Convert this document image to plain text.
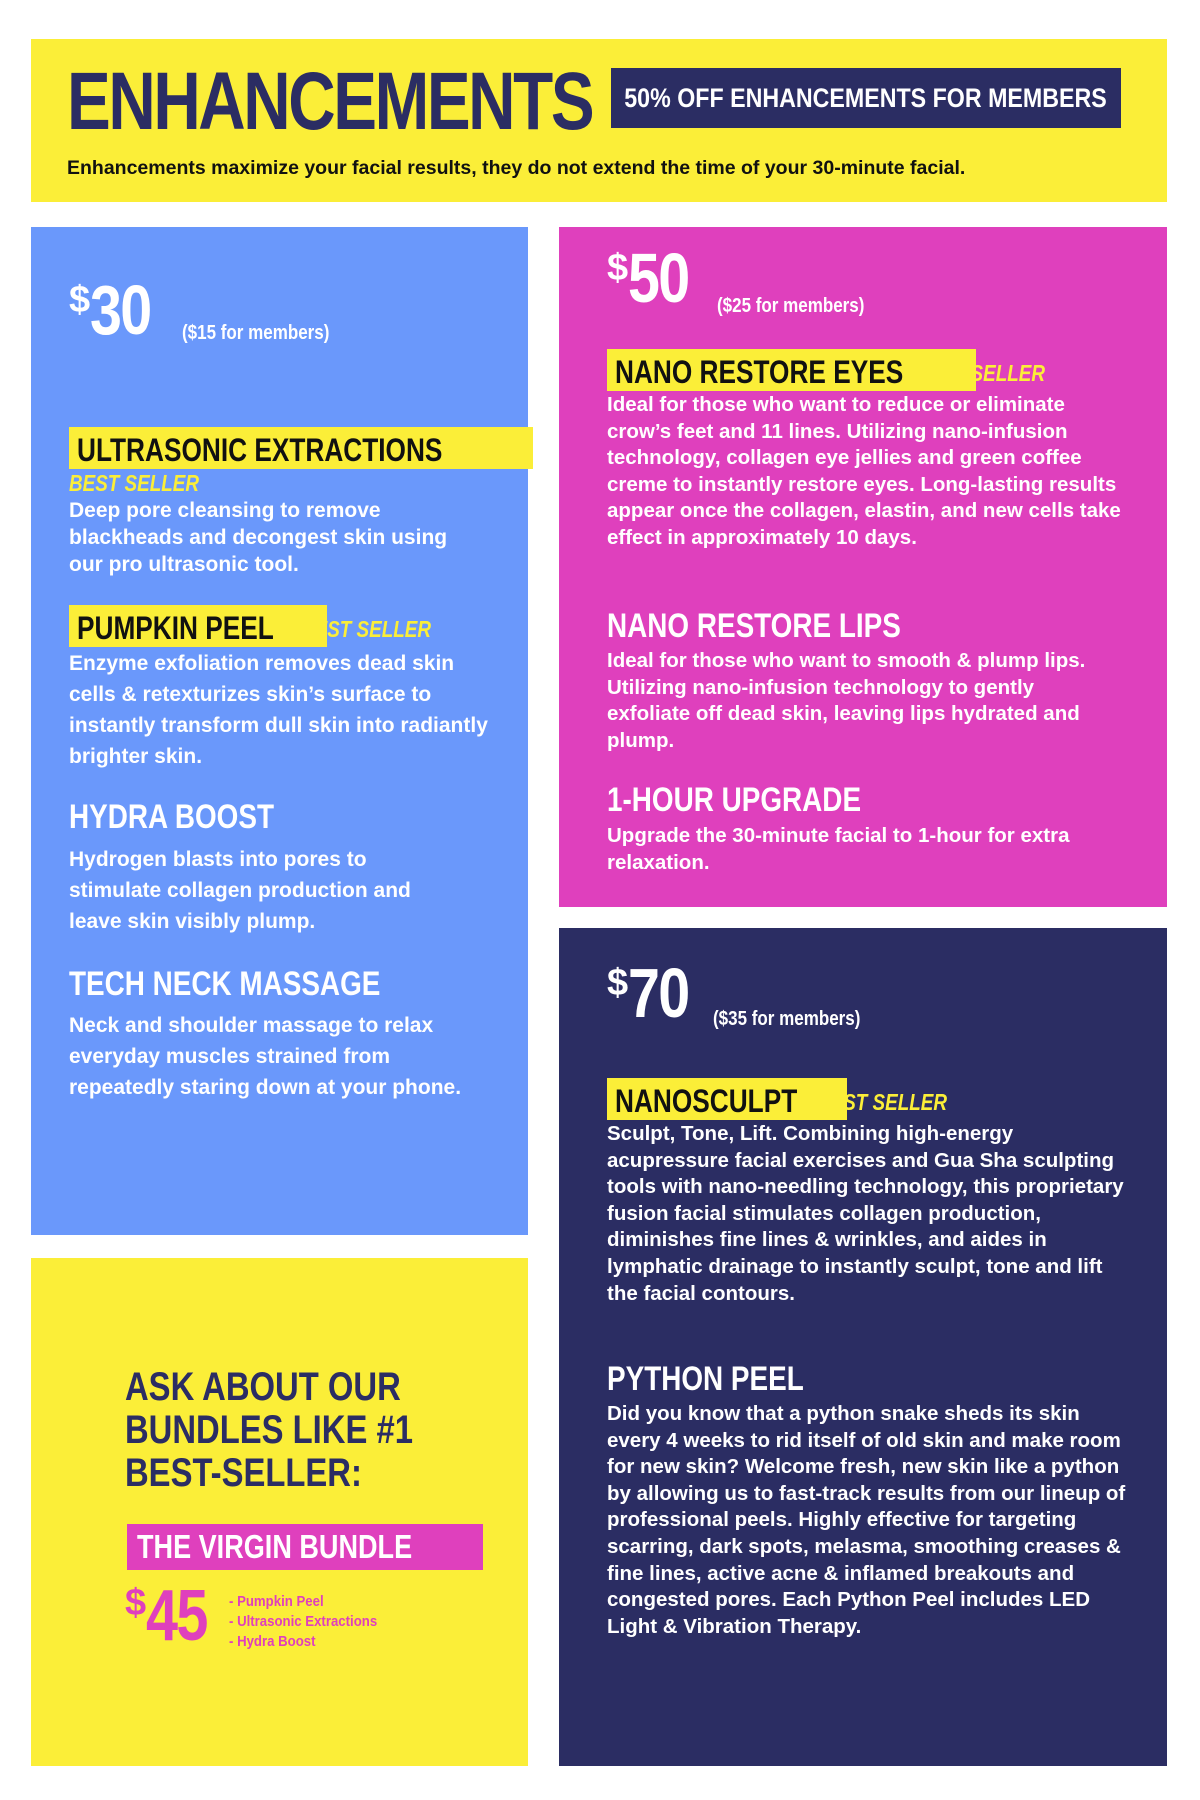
ENHANCEMENTS 50% OFF ENHANCEMENTS FOR MEMBERS
Enhancements maximize your facial results, they do not extend the time of your 30-minute facial.
$ 30 ($15 for members)
ULTRASONIC EXTRACTIONS
BEST SELLER
Deep pore cleansing to remove blackheads and decongest skin using our pro ultrasonic tool.
PUMPKIN PEEL	BEST SELLER
Enzyme exfoliation removes dead skin cells & retexturizes skin’s surface to instantly transform dull skin into radiantly brighter skin.
HYDRA BOOST
Hydrogen blasts into pores to stimulate collagen production and leave skin visibly plump.
TECH NECK MASSAGE
Neck and shoulder massage to relax everyday muscles strained from repeatedly staring down at your phone.
$ 50 ($25 for members)
NANO RESTORE EYES BEST SELLER
Ideal for those who want to reduce or eliminate crow’s feet and 11 lines. Utilizing nano-infusion technology, collagen eye jellies and green coffee creme to instantly restore eyes. Long-lasting results appear once the collagen, elastin, and new cells take effect in approximately 10 days.
NANO RESTORE LIPS
Ideal for those who want to smooth & plump lips. Utilizing nano-infusion technology to gently exfoliate off dead skin, leaving lips hydrated and plump.
1-HOUR UPGRADE
Upgrade the 30-minute facial to 1-hour for extra relaxation.
$ 70 ($35 for members)
NANOSCULPT BEST SELLER
Sculpt, Tone, Lift. Combining high-energy acupressure facial exercises and Gua Sha sculpting tools with nano-needling technology, this proprietary fusion facial stimulates collagen production, diminishes fine lines & wrinkles, and aides in lymphatic drainage to instantly sculpt, tone and lift the facial contours.
PYTHON PEEL
Did you know that a python snake sheds its skin every 4 weeks to rid itself of old skin and make room for new skin? Welcome fresh, new skin like a python by allowing us to fast-track results from our lineup of professional peels. Highly effective for targeting scarring, dark spots, melasma, smoothing creases & fine lines, active acne & inflamed breakouts and congested pores. Each Python Peel includes LED Light & Vibration Therapy.
ASK ABOUT OUR BUNDLES LIKE #1 BEST-SELLER:
THE VIRGIN BUNDLE
$ 45 - Pumpkin Peel
- Ultrasonic Extractions
- Hydra Boost
